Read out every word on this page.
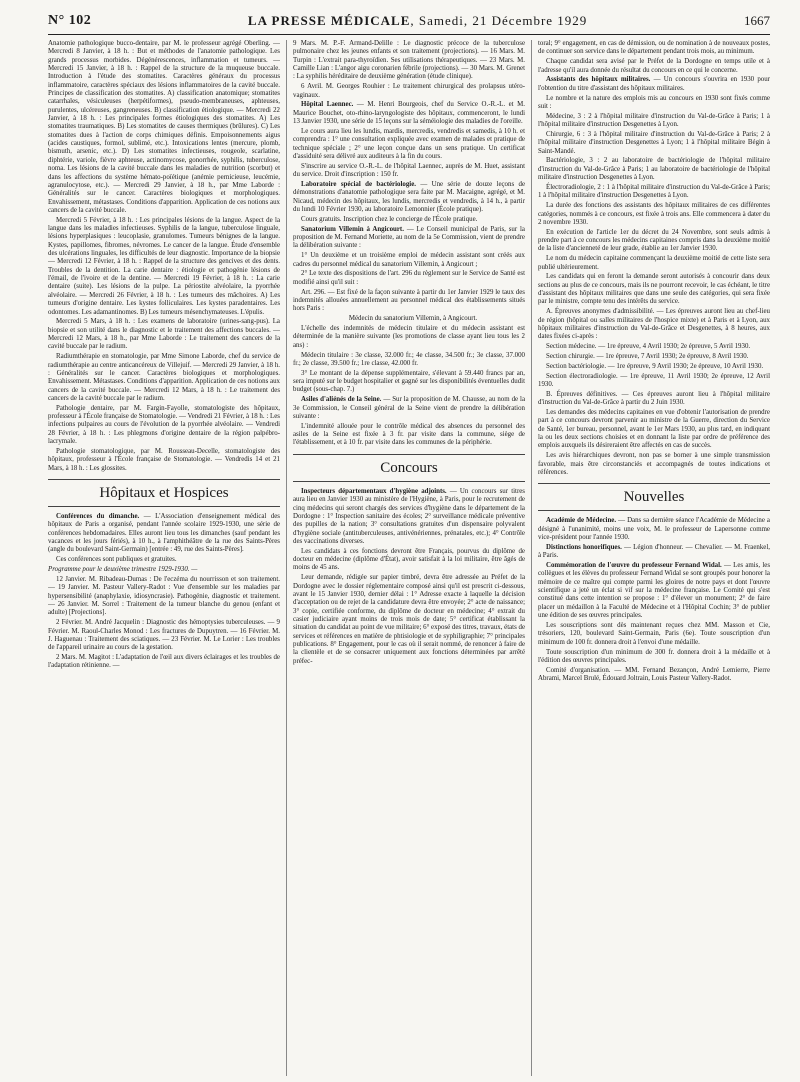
N° 102	LA PRESSE MÉDICALE, Samedi, 21 Décembre 1929	1667

Anatomie pathologique bucco-dentaire, par M. le professeur agrégé Oberling. — Mercredi 8 Janvier, à 18 h. : But et méthodes de l'anatomie pathologique. Les grands processus morbides. Dégénérescences, inflammation et tumeurs. — Mercredi 15 Janvier, à 18 h. : Rappel de la structure de la muqueuse buccale. Introduction à l'étude des stomatites. Caractères généraux du processus inflammatoire, caractères spéciaux des lésions inflammatoires de la cavité buccale. Principes de classification des stomatites. A) classification anatomique; stomatites catarrhales, vésiculeuses (herpétiformes), pseudo-membraneuses, aphteuses, purulentes, ulcéreuses, gangreneuses. B) classification étiologique. — Mercredi 22 Janvier, à 18 h. : Les principales formes étiologiques des stomatites. A) Les stomatites traumatiques. B) Les stomatites de causes thermiques (brûlures). C) Les stomatites dues à l'action de corps chimiques définis. Empoisonnements aigus (acides caustiques, formol, sublimé, etc.). Intoxications lentes (mercure, plomb, bismuth, arsenic, etc.). D) Les stomatites infectieuses, rougeole, scarlatine, diphtérie, variole, fièvre aphteuse, actinomycose, gonorrhée, syphilis, tuberculose, noma. Les lésions de la cavité buccale dans les maladies de nutrition (scorbut) et dans les affections du système hémato-poïétique (anémie pernicieuse, leucémie, agranulocytose, etc.). — Mercredi 29 Janvier, à 18 h., par Mme Laborde : Généralités sur le cancer. Caractères biologiques et morphologiques. Envahissement, métastases. Conditions d'apparition. Application de ces notions aux cancers de la cavité buccale.

Mercredi 5 Février, à 18 h. : Les principales lésions de la langue. Aspect de la langue dans les maladies infectieuses. Syphilis de la langue, tuberculose linguale, lésions hyperplasiques : leucoplasie, granulomes. Tumeurs bénignes de la langue. Kystes, papillomes, fibromes, névromes. Le cancer de la langue. Étude d'ensemble des ulcérations linguales, les difficultés de leur diagnostic. Importance de la biopsie — Mercredi 12 Février, à 18 h. : Rappel de la structure des gencives et des dents. Troubles de la dentition. La carie dentaire : étiologie et pathogénie lésions de l'émail, de l'ivoire et de la dentine. — Mercredi 19 Février, à 18 h. : La carie dentaire (suite). Les lésions de la pulpe. La périostite alvéolaire, la pyorrhée alvéolaire. — Mercredi 26 Février, à 18 h. : Les tumeurs des mâchoires. A) Les tumeurs d'origine dentaire. Les kystes folliculaires. Les kystes paradentaires. Les odontomes. Les adamantinomes. B) Les tumeurs mésenchymateuses. L'épulis.

Mercredi 5 Mars, à 18 h. : Les examens de laboratoire (urines-sang-pus). La biopsie et son utilité dans le diagnostic et le traitement des affections buccales. — Mercredi 12 Mars, à 18 h., par Mme Laborde : Le traitement des cancers de la cavité buccale par le radium.

Radiumthérapie en stomatologie, par Mme Simone Laborde, chef du service de radiumthérapie au centre anticancéreux de Villejuif. — Mercredi 29 Janvier, à 18 h. : Généralités sur le cancer. Caractères biologiques et morphologiques. Envahissement. Métastases. Conditions d'apparition. Application de ces notions aux cancers de la cavité buccale. — Mercredi 12 Mars, à 18 h. : Le traitement des cancers de la cavité buccale par le radium.

Pathologie dentaire, par M. Fargin-Fayolle, stomatologiste des hôpitaux, professeur à l'École française de Stomatologie. — Vendredi 21 Février, à 18 h. : Les infections pulpaires au cours de l'évolution de la pyorrhée alvéolaire. — Vendredi 28 Février, à 18 h. : Les phlegmons d'origine dentaire de la région palpébro-lacrymale.

Pathologie stomatologique, par M. Rousseau-Decelle, stomatologiste des hôpitaux, professeur à l'École française de Stomatologie. — Vendredis 14 et 21 Mars, à 18 h. : Les glossites.

Hôpitaux et Hospices

Conférences du dimanche. — L'Association d'enseignement médical des hôpitaux de Paris a organisé, pendant l'année scolaire 1929-1930, une série de conférences hebdomadaires. Elles auront lieu tous les dimanches (sauf pendant les vacances et les jours fériés), à 10 h., à l'amphithéâtre de la rue des Saints-Pères (angle du boulevard Saint-Germain) [entrée : 49, rue des Saints-Pères].

Ces conférences sont publiques et gratuites.

Programme pour le deuxième trimestre 1929-1930. —

12 Janvier. M. Ribadeau-Dumas : De l'eczéma du nourrisson et son traitement. — 19 Janvier. M. Pasteur Vallery-Radot : Vue d'ensemble sur les maladies par hypersensibilité (anaphylaxie, idiosyncrasie). Pathogénie, diagnostic et traitement. — 26 Janvier. M. Sorrel : Traitement de la tumeur blanche du genou (enfant et adulte) [Projections].

2 Février. M. André Jacquelin : Diagnostic des hémoptysies tuberculeuses. — 9 Février. M. Raoul-Charles Monod : Les fractures de Dupuytren. — 16 Février. M. J. Haguenau : Traitement des sciatiques. — 23 Février. M. Le Lorier : Les troubles de l'appareil urinaire au cours de la gestation.

2 Mars. M. Magitot : L'adaptation de l'œil aux divers éclairages et les troubles de l'adaptation rétinienne. —

9 Mars. M. P.-F. Armand-Delille : Le diagnostic précoce de la tuberculose pulmonaire chez les jeunes enfants et son traitement (projections). — 16 Mars. M. Turpin : L'extrait para-thyroïdien. Ses utilisations thérapeutiques. — 23 Mars. M. Camille Lian : L'angor aigu coronarien fébrile (projections). — 30 Mars. M. Grenet : La syphilis héréditaire de deuxième génération (étude clinique).

6 Avril. M. Georges Rouhier : Le traitement chirurgical des prolapsus utéro-vaginaux.

Hôpital Laennec. — M. Henri Bourgeois, chef du Service O.-R.-L. et M. Maurice Bouchet, oto-rhino-laryngologiste des hôpitaux, commenceront, le lundi 13 Janvier 1930, une série de 15 leçons sur la séméiologie des maladies de l'oreille.

Le cours aura lieu les lundis, mardis, mercredis, vendredis et samedis, à 10 h. et comprendra : 1° une consultation expliquée avec examen de malades et pratique de technique spéciale ; 2° une leçon conçue dans un sens pratique. Un certificat d'assiduité sera délivré aux auditeurs à la fin du cours.

S'inscrire au service O.-R.-L. de l'hôpital Laennec, auprès de M. Huet, assistant du service. Droit d'inscription : 150 fr.

Laboratoire spécial de bactériologie. — Une série de douze leçons de démonstrations d'anatomie pathologique sera faite par M. Macaigne, agrégé, et M. Nicaud, médecin des hôpitaux, les lundis, mercredis et vendredis, à 14 h., à partir du lundi 10 Février 1930, au laboratoire Lemonnier (École pratique).

Cours gratuits. Inscription chez le concierge de l'École pratique.

Sanatorium Villemin à Angicourt. — Le Conseil municipal de Paris, sur la proposition de M. Fernand Moriette, au nom de la 5e Commission, vient de prendre la délibération suivante :

1° Un deuxième et un troisième emploi de médecin assistant sont créés aux cadres du personnel médical du sanatorium Villemin, à Angicourt ;

2° Le texte des dispositions de l'art. 296 du règlement sur le Service de Santé est modifié ainsi qu'il suit :

Art. 296. — Est fixé de la façon suivante à partir du 1er Janvier 1929 le taux des indemnités allouées annuellement au personnel médical des établissements situés hors Paris :

Médecin du sanatorium Villemin, à Angicourt.

L'échelle des indemnités de médecin titulaire et du médecin assistant est déterminée de la manière suivante (les promotions de classe ayant lieu tous les 2 ans) :

Médecin titulaire : 3e classe, 32.000 fr.; 4e classe, 34.500 fr.; 3e classe, 37.000 fr.; 2e classe, 39.500 fr.; 1re classe, 42.000 fr.

3° Le montant de la dépense supplémentaire, s'élevant à 59.440 francs par an, sera imputé sur le budget hospitalier et gagné sur les disponibilités éventuelles dudit budget (sous-chap. 7.)

Asiles d'aliénés de la Seine. — Sur la proposition de M. Chausse, au nom de la 3e Commission, le Conseil général de la Seine vient de prendre la délibération suivante :

L'indemnité allouée pour le contrôle médical des absences du personnel des asiles de la Seine est fixée à 3 fr. par visite dans la commune, siège de l'établissement, et à 10 fr. par visite dans les communes de la périphérie.

Concours

Inspecteurs départementaux d'hygiène adjoints. — Un concours sur titres aura lieu en Janvier 1930 au ministère de l'Hygiène, à Paris, pour le recrutement de cinq médecins qui seront chargés des services d'hygiène dans le département de la Dordogne : 1° Inspection sanitaire des écoles; 2° surveillance médicale préventive des pupilles de la nation; 3° consultations gratuites d'un dispensaire polyvalent d'hygiène sociale (antituberculeuses, antivénériennes, prénatales, etc.); 4° Contrôle des vaccinations diverses.

Les candidats à ces fonctions devront être Français, pourvus du diplôme de docteur en médecine (diplôme d'État), avoir satisfait à la loi militaire, être âgés de moins de 45 ans.

Leur demande, rédigée sur papier timbré, devra être adressée au Préfet de la Dordogne avec le dossier réglementaire composé ainsi qu'il est prescrit ci-dessous, avant le 15 Janvier 1930, dernier délai : 1° Adresse exacte à laquelle la décision d'acceptation ou de rejet de la candidature devra être envoyée; 2° acte de naissance; 3° copie, certifiée conforme, du diplôme de docteur en médecine; 4° extrait du casier judiciaire ayant moins de trois mois de date; 5° certificat établissant la situation du candidat au point de vue militaire; 6° exposé des titres, travaux, états de services et références en matière de phtisiologie et de syphiligraphie; 7° principales publications. 8° Engagement, pour le cas où il serait nommé, de renoncer à faire de la clientèle et de se consacrer uniquement aux fonctions déterminées par arrêté préfec-

toral; 9° engagement, en cas de démission, ou de nomination à de nouveaux postes, de continuer son service dans le département pendant trois mois, au minimum.

Chaque candidat sera avisé par le Préfet de la Dordogne en temps utile et à l'adresse qu'il aura donnée du résultat du concours en ce qui le concerne.

Assistants des hôpitaux militaires. — Un concours s'ouvrira en 1930 pour l'obtention du titre d'assistant des hôpitaux militaires.

Le nombre et la nature des emplois mis au concours en 1930 sont fixés comme suit :

Médecine, 3 : 2 à l'hôpital militaire d'instruction du Val-de-Grâce à Paris; 1 à l'hôpital militaire d'instruction Desgenettes à Lyon.

Chirurgie, 6 : 3 à l'hôpital militaire d'instruction du Val-de-Grâce à Paris; 2 à l'hôpital militaire d'instruction Desgenettes à Lyon; 1 à l'hôpital militaire Bégin à Saint-Mandé.

Bactériologie, 3 : 2 au laboratoire de bactériologie de l'hôpital militaire d'instruction du Val-de-Grâce à Paris; 1 au laboratoire de bactériologie de l'hôpital militaire d'instruction Desgenettes à Lyon.

Électroradiologie, 2 : 1 à l'hôpital militaire d'instruction du Val-de-Grâce à Paris; 1 à l'hôpital militaire d'instruction Desgenettes à Lyon.

La durée des fonctions des assistants des hôpitaux militaires de ces différentes catégories, nommés à ce concours, est fixée à trois ans. Elle commencera à dater du 2 novembre 1930.

En exécution de l'article 1er du décret du 24 Novembre, sont seuls admis à prendre part à ce concours les médecins capitaines compris dans la deuxième moitié de la liste d'ancienneté de leur grade, établie au 1er Janvier 1930.

Le nom du médecin capitaine commençant la deuxième moitié de cette liste sera publié ultérieurement.

Les candidats qui en feront la demande seront autorisés à concourir dans deux sections au plus de ce concours, mais ils ne pourront recevoir, le cas échéant, le titre d'assistant des hôpitaux militaires que dans une seule des catégories, qui sera fixée par le ministre, compte tenu des intérêts du service.

A. Épreuves anonymes d'admissibilité. — Les épreuves auront lieu au chef-lieu de région (hôpital ou salles militaires de l'hospice mixte) et à Paris et à Lyon, aux hôpitaux militaires d'instruction du Val-de-Grâce et Desgenettes, à 8 heures, aux dates fixées ci-après :

Section médecine. — 1re épreuve, 4 Avril 1930; 2e épreuve, 5 Avril 1930.

Section chirurgie. — 1re épreuve, 7 Avril 1930; 2e épreuve, 8 Avril 1930.

Section bactériologie. — 1re épreuve, 9 Avril 1930; 2e épreuve, 10 Avril 1930.

Section électroradiologie. — 1re épreuve, 11 Avril 1930; 2e épreuve, 12 Avril 1930.

B. Épreuves définitives. — Ces épreuves auront lieu à l'hôpital militaire d'instruction du Val-de-Grâce à partir du 2 Juin 1930.

Les demandes des médecins capitaines en vue d'obtenir l'autorisation de prendre part à ce concours devront parvenir au ministre de la Guerre, direction du Service de Santé, 1er bureau, personnel, avant le 1er Mars 1930, au plus tard, en indiquant la ou les deux sections choisies et en donnant la liste par ordre de préférence des emplois auxquels ils désireraient être affectés en cas de succès.

Les avis hiérarchiques devront, non pas se borner à une simple transmission favorable, mais être circonstanciés et accompagnés de toutes indications et références.

Nouvelles

Académie de Médecine. — Dans sa dernière séance l'Académie de Médecine a désigné à l'unanimité, moins une voix, M. le professeur de Lapersonne comme vice-président pour l'année 1930.

Distinctions honorifiques. — Légion d'honneur. — Chevalier. — M. Fraenkel, à Paris.

Commémoration de l'œuvre du professeur Fernand Widal. — Les amis, les collègues et les élèves du professeur Fernand Widal se sont groupés pour honorer la mémoire de ce maître qui compte parmi les gloires de notre pays et dont l'œuvre scientifique a jeté un éclat si vif sur la médecine française. Le Comité qui s'est constitué dans cette intention se propose : 1° d'élever un monument; 2° de faire placer un médaillon à la Faculté de Médecine et à l'Hôpital Cochin; 3° de publier une édition de ses œuvres principales.

Les souscriptions sont dès maintenant reçues chez MM. Masson et Cie, trésoriers, 120, boulevard Saint-Germain, Paris (6e). Toute souscription d'un minimum de 100 fr. donnera droit à l'envoi d'une médaille.

Toute souscription d'un minimum de 300 fr. donnera droit à la médaille et à l'édition des œuvres principales.

Comité d'organisation. — MM. Fernand Bezançon, André Lemierre, Pierre Abrami, Marcel Brulé, Édouard Joltrain, Louis Pasteur Vallery-Radot.
